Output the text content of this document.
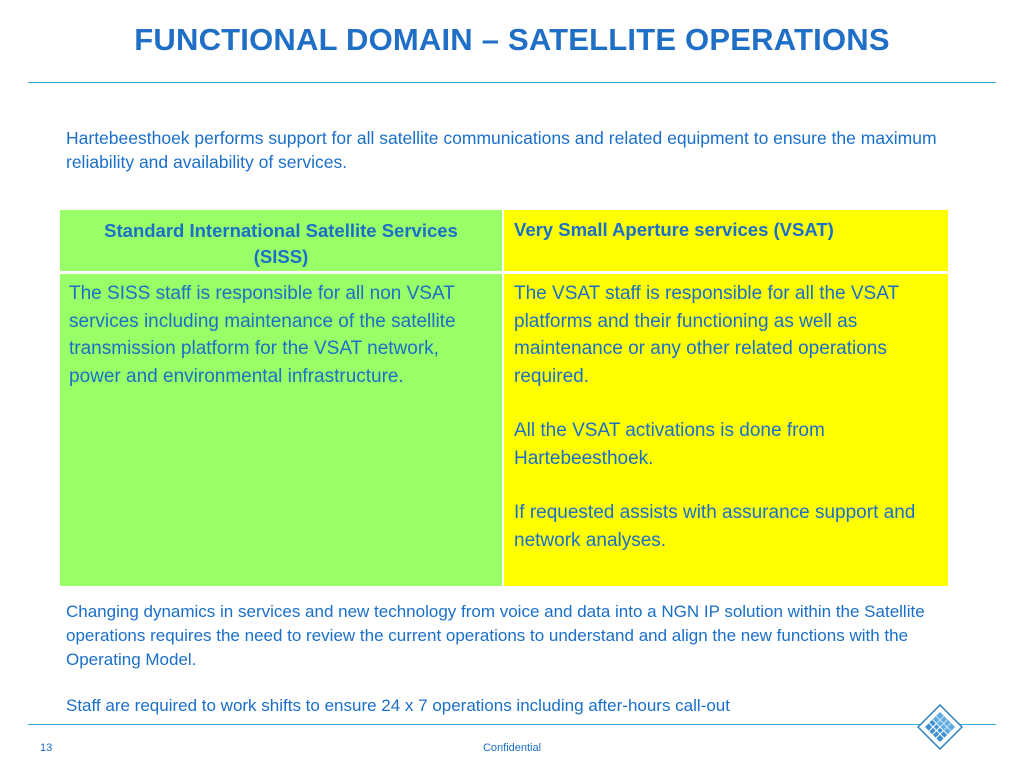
FUNCTIONAL DOMAIN – SATELLITE OPERATIONS
Hartebeesthoek performs support for all satellite communications and related equipment to ensure the maximum reliability and availability of services.
Standard International Satellite Services (SISS)
Very Small Aperture services (VSAT)
The SISS staff is responsible for all non VSAT services including maintenance of the satellite transmission platform for the VSAT network, power and environmental infrastructure.

The VSAT staff is responsible for all the VSAT platforms and their functioning as well as maintenance or any other related operations required.

All the VSAT activations is done from Hartebeesthoek.

If requested assists with assurance support and network analyses.

Changing dynamics in services and new technology from voice and data into a NGN IP solution within the Satellite operations requires the need to review the current operations to understand and align the new functions with the Operating Model.

Staff are required to work shifts to ensure 24 x 7 operations including after-hours call-out

13	Confidential
